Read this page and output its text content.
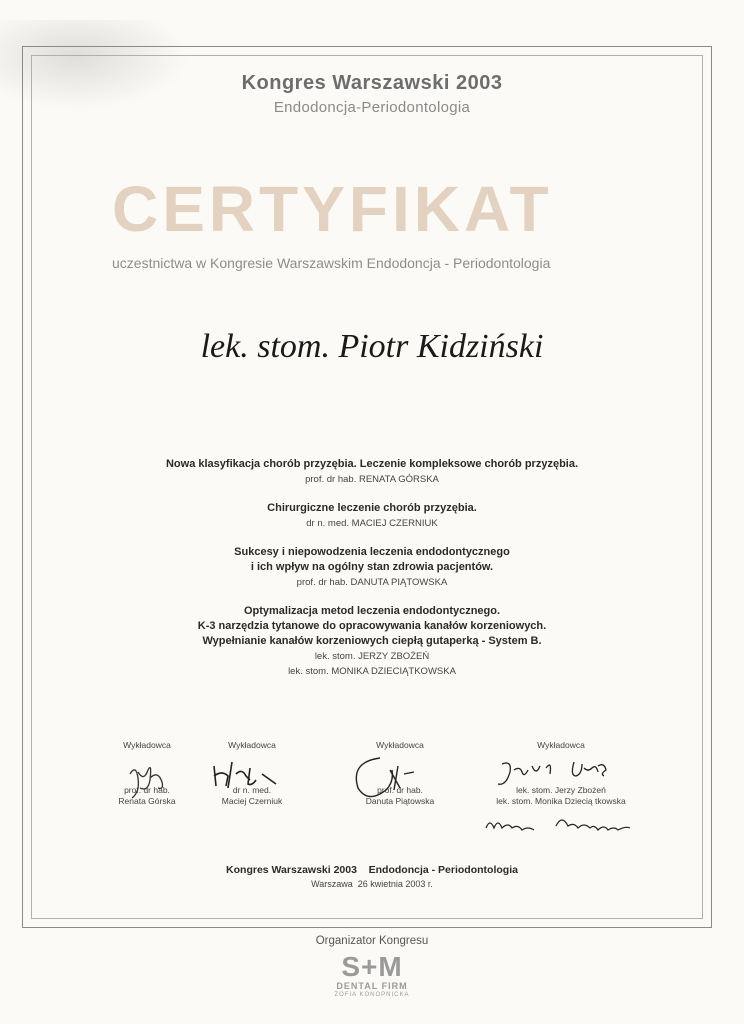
Kongres Warszawski 2003
Endodoncja-Periodontologia
CERTYFIKAT
uczestnictwa w Kongresie Warszawskim Endodoncja - Periodontologia
lek. stom. Piotr Kidziński
Nowa klasyfikacja chorób przyzębia. Leczenie kompleksowe chorób przyzębia.
prof. dr hab. RENATA GÓRSKA
Chirurgiczne leczenie chorób przyzębia.
dr n. med. MACIEJ CZERNIUK
Sukcesy i niepowodzenia leczenia endodontycznego
i ich wpływ na ogólny stan zdrowia pacjentów.
prof. dr hab. DANUTA PIĄTOWSKA
Optymalizacja metod leczenia endodontycznego.
K-3 narzędzia tytanowe do opracowywania kanałów korzeniowych.
Wypełnianie kanałów korzeniowych ciepłą gutaperką - System B.
lek. stom. JERZY ZBOŻEŃ
lek. stom. MONIKA DZIECIĄTKOWSKA
Wykładowca
prof. dr hab.
Renata Górska
Wykładowca
dr n. med.
Maciej Czerniuk
Wykładowca
prof. dr hab.
Danuta Piątowska
Wykładowca
lek. stom. Jerzy Zbożeń
lek. stom. Monika Dziecią tkowska
Kongres Warszawski 2003    Endodoncja - Periodontologia
Warszawa  26 kwietnia 2003 r.
Organizator Kongresu
S+M
DENTAL FIRM
ZOFIA KONOPNICKA
